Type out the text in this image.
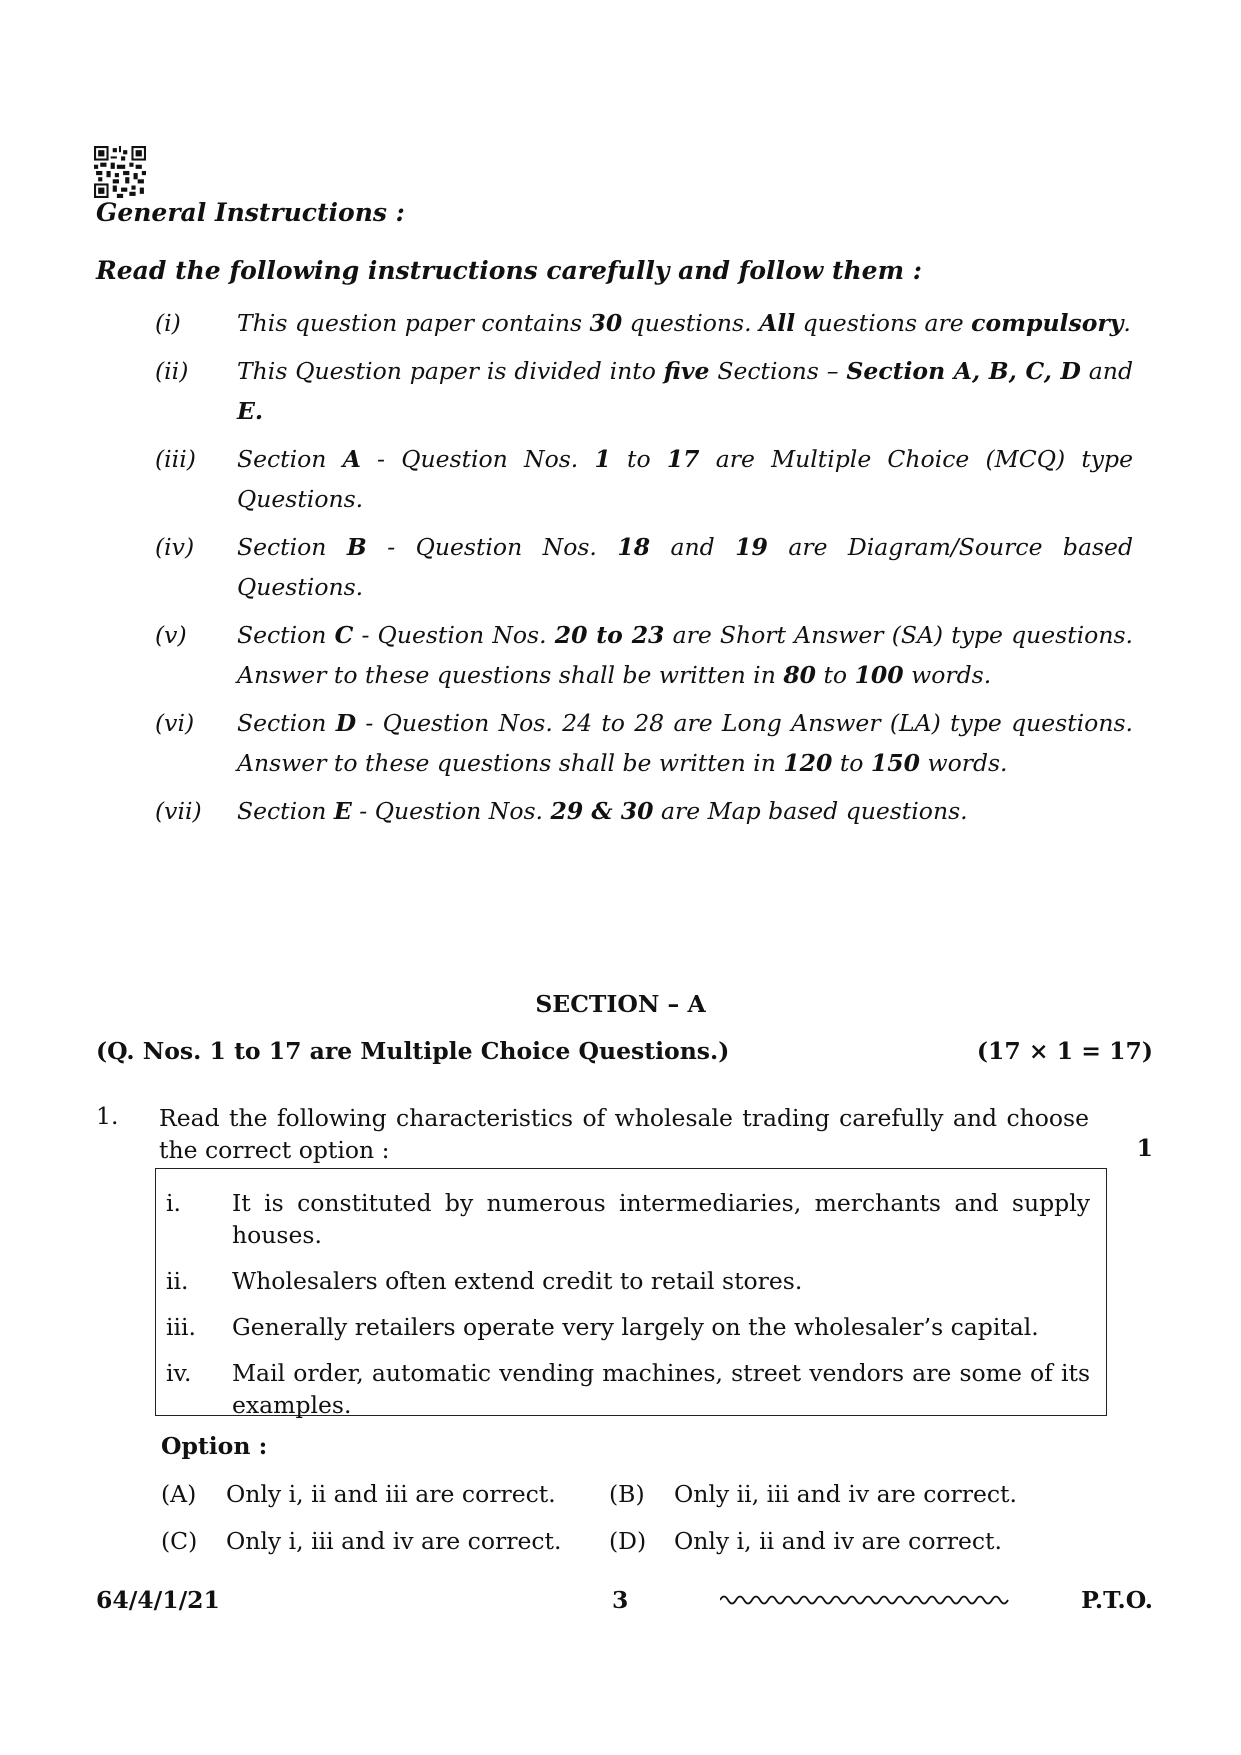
General Instructions :
Read the following instructions carefully and follow them :
(i)	This question paper contains 30 questions. All questions are compulsory.
(ii)	This Question paper is divided into five Sections – Section A, B, C, D and E.
(iii)	Section A - Question Nos. 1 to 17 are Multiple Choice (MCQ) type Questions.
(iv)	Section B - Question Nos. 18 and 19 are Diagram/Source based Questions.
(v)	Section C - Question Nos. 20 to 23 are Short Answer (SA) type questions. Answer to these questions shall be written in 80 to 100 words.
(vi)	Section D - Question Nos. 24 to 28 are Long Answer (LA) type questions. Answer to these questions shall be written in 120 to 150 words.
(vii)	Section E - Question Nos. 29 & 30 are Map based questions.
SECTION – A
(Q. Nos. 1 to 17 are Multiple Choice Questions.)	(17 × 1 = 17)
1. Read the following characteristics of wholesale trading carefully and choose the correct option :	1
i.	It is constituted by numerous intermediaries, merchants and supply houses.
ii.	Wholesalers often extend credit to retail stores.
iii.	Generally retailers operate very largely on the wholesaler’s capital.
iv.	Mail order, automatic vending machines, street vendors are some of its examples.
Option :
(A)	Only i, ii and iii are correct. (B)	Only ii, iii and iv are correct.
(C)	Only i, iii and iv are correct. (D)	Only i, ii and iv are correct.
64/4/1/21	3	P.T.O.
